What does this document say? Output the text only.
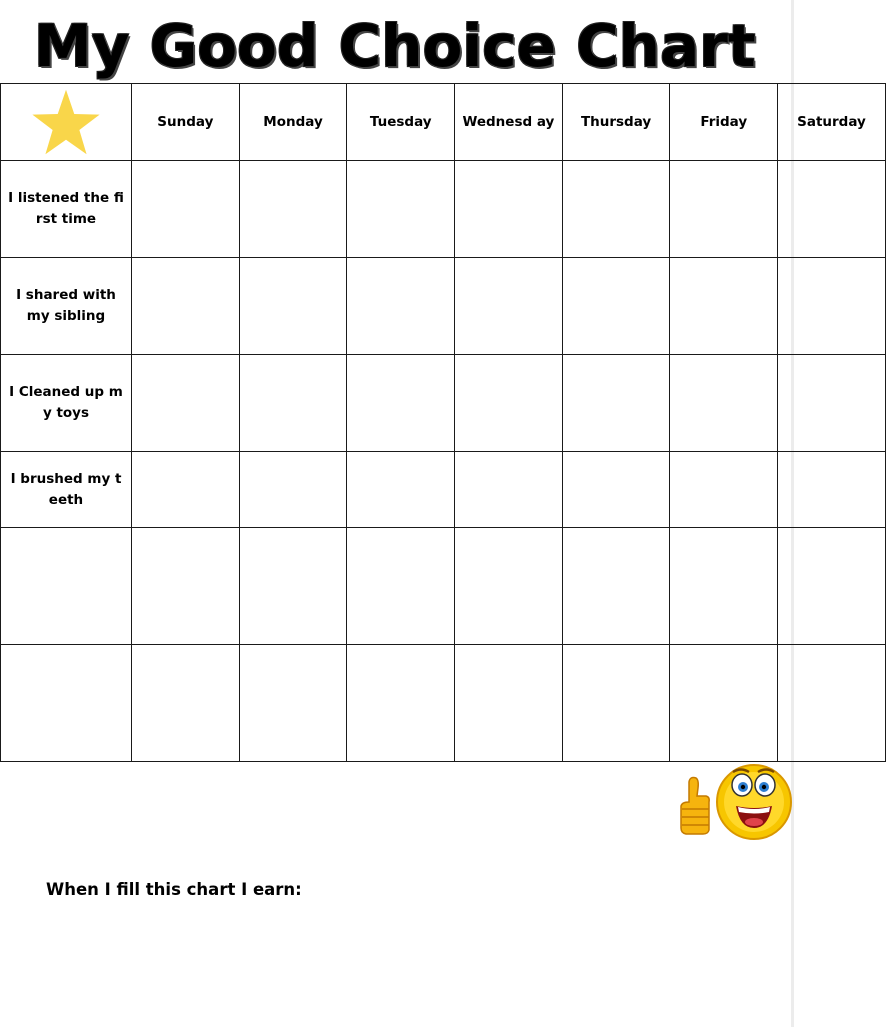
My Good Choice Chart
	Sunday	Monday	Tuesday	Wednesd ay	Thursday	Friday	Saturday
I listened the first time							
I shared with my sibling							
I Cleaned up my toys							
I brushed my teeth							

When I fill this chart I earn:
